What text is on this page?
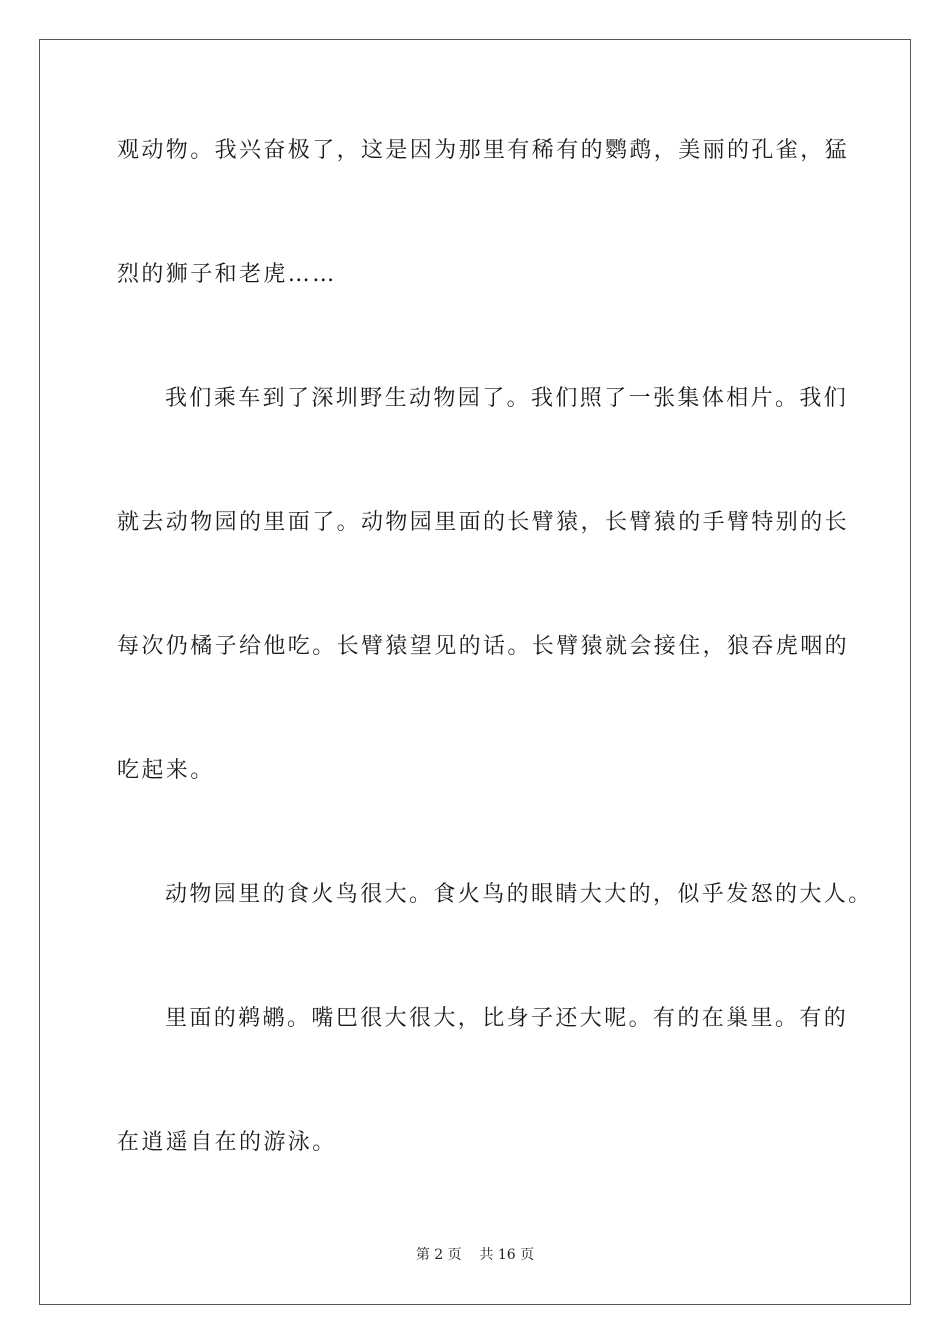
观动物。我兴奋极了，这是因为那里有稀有的鹦鹉，美丽的孔雀，猛
烈的狮子和老虎……
我们乘车到了深圳野生动物园了。我们照了一张集体相片。我们
就去动物园的里面了。动物园里面的长臂猿，长臂猿的手臂特别的长
每次仍橘子给他吃。长臂猿望见的话。长臂猿就会接住，狼吞虎咽的
吃起来。
动物园里的食火鸟很大。食火鸟的眼睛大大的，似乎发怒的大人。
里面的鹈鹕。嘴巴很大很大，比身子还大呢。有的在巢里。有的
在逍遥自在的游泳。
第 2 页    共 16 页
